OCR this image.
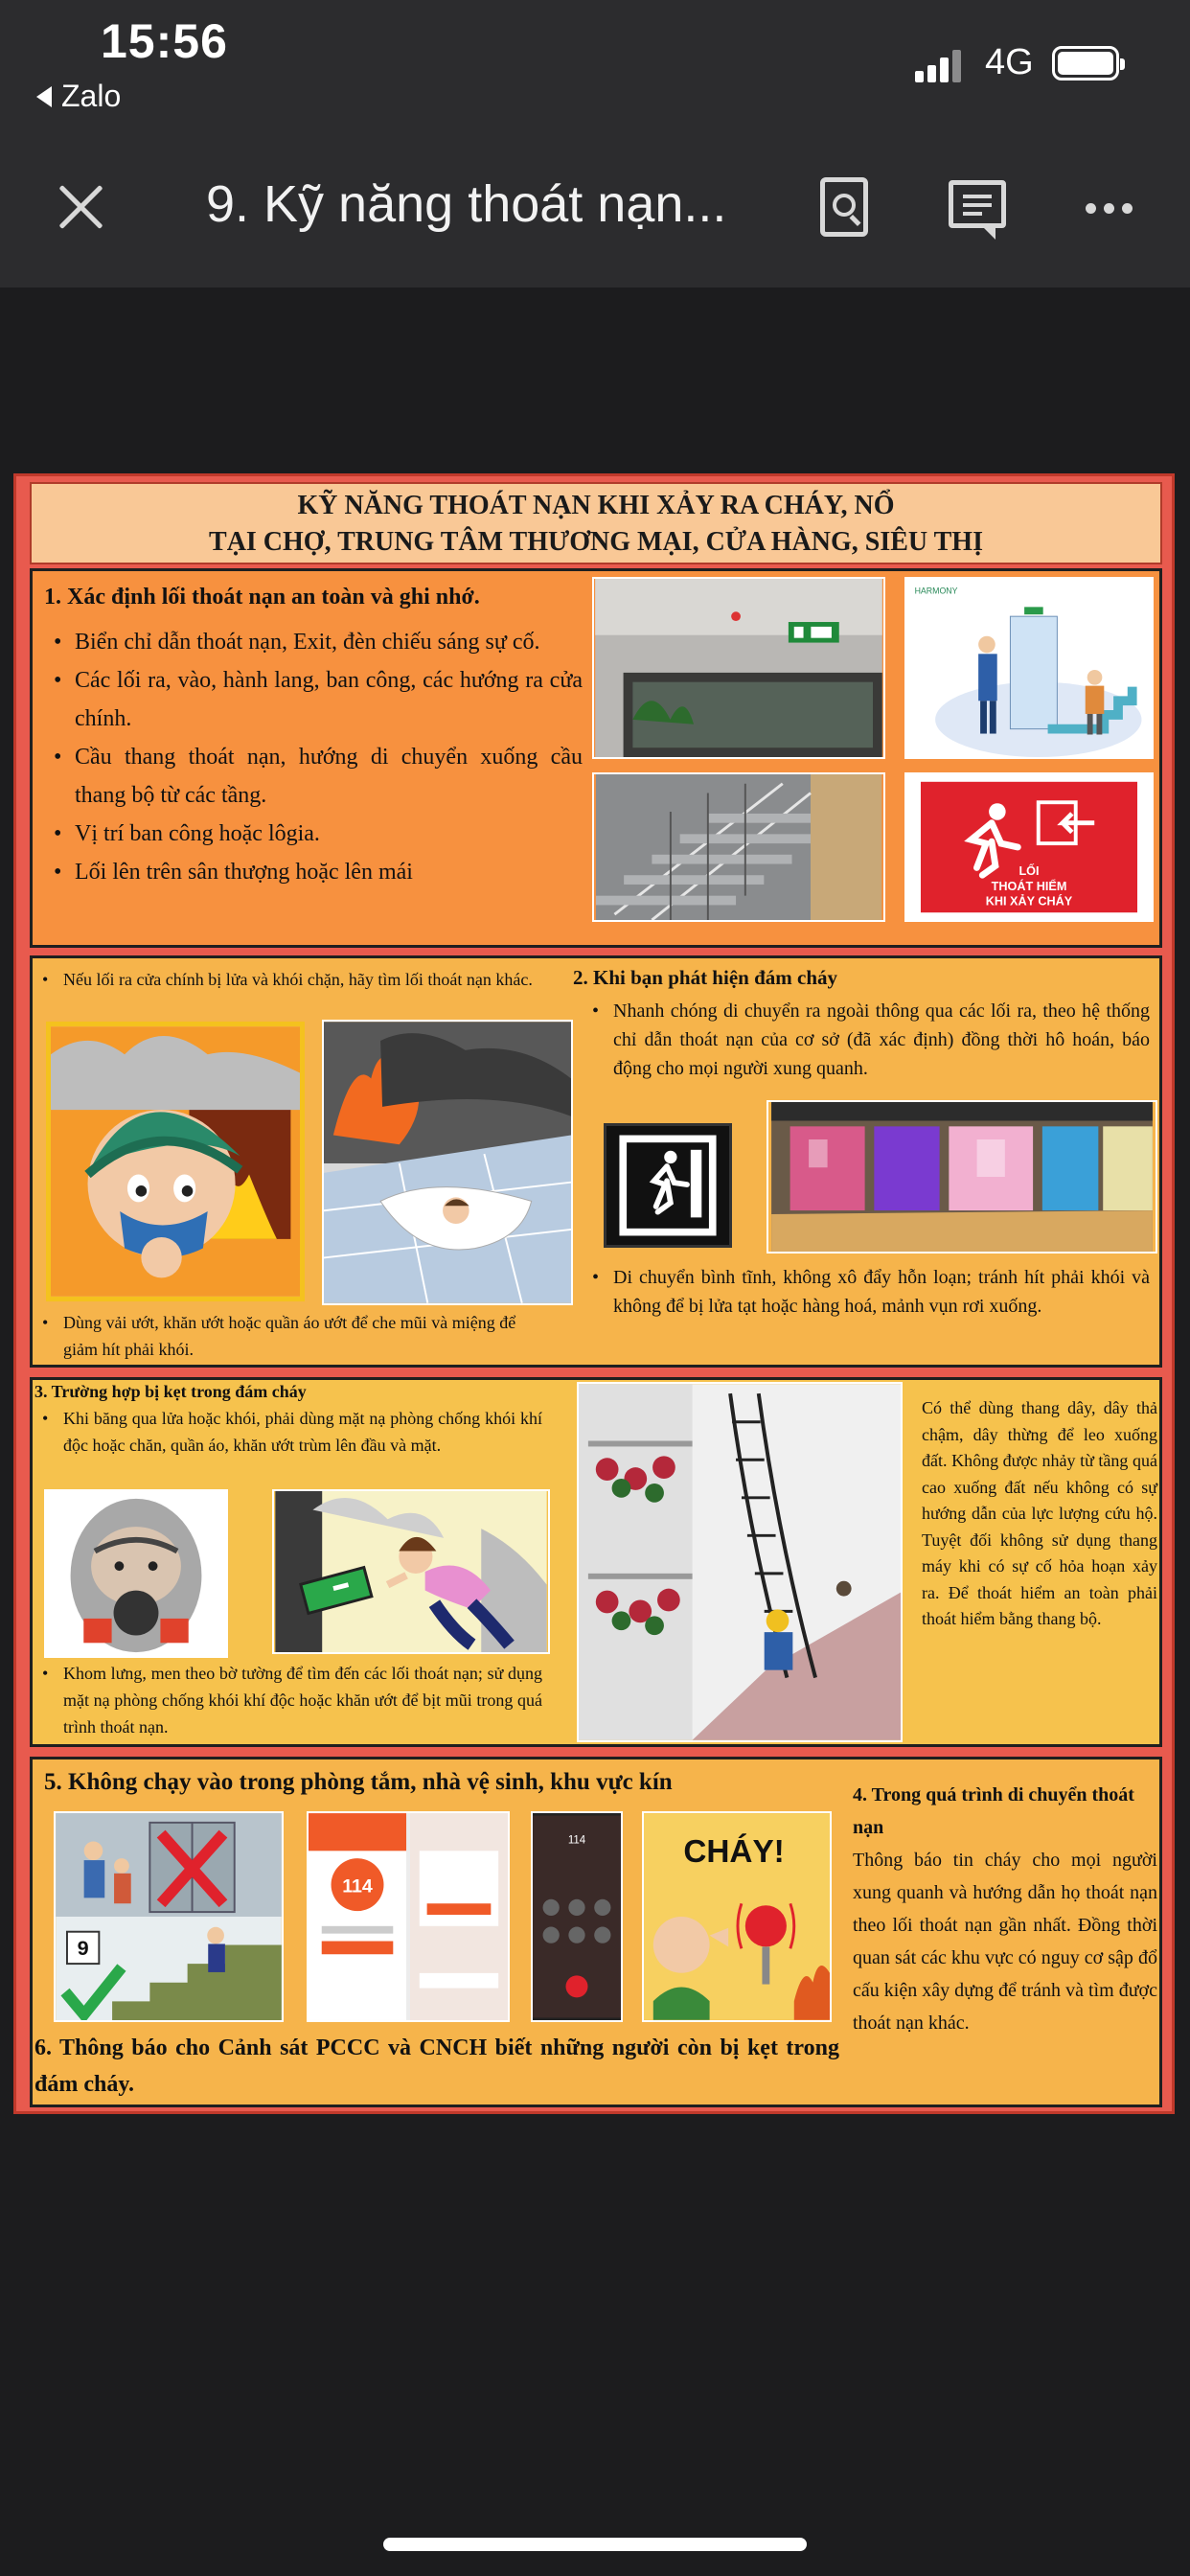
15:56
Zalo
4G
9. Kỹ năng thoát nạn...
KỸ NĂNG THOÁT NẠN KHI XẢY RA CHÁY, NỔ
TẠI CHỢ, TRUNG TÂM THƯƠNG MẠI, CỬA HÀNG, SIÊU THỊ
1. Xác định lối thoát nạn an toàn và ghi nhớ.
• Biển chỉ dẫn thoát nạn, Exit, đèn chiếu sáng sự cố.
• Các lối ra, vào, hành lang, ban công, các hướng ra cửa chính.
• Cầu thang thoát nạn, hướng di chuyển xuống cầu thang bộ từ các tầng.
• Vị trí ban công hoặc lôgia.
• Lối lên trên sân thượng hoặc lên mái
HARMONY
LỐI
THOÁT HIỂM
KHI XẢY CHÁY
• Nếu lối ra cửa chính bị lửa và khói chặn, hãy tìm lối thoát nạn khác.
• Dùng vải ướt, khăn ướt hoặc quần áo ướt để che mũi và miệng để giảm hít phải khói.
2. Khi bạn phát hiện đám cháy
• Nhanh chóng di chuyển ra ngoài thông qua các lối ra, theo hệ thống chỉ dẫn thoát nạn của cơ sở (đã xác định) đồng thời hô hoán, báo động cho mọi người xung quanh.
• Di chuyển bình tĩnh, không xô đẩy hỗn loạn; tránh hít phải khói và không để bị lửa tạt hoặc hàng hoá, mảnh vụn rơi xuống.
3. Trường hợp bị kẹt trong đám cháy
• Khi băng qua lửa hoặc khói, phải dùng mặt nạ phòng chống khói khí độc hoặc chăn, quần áo, khăn ướt trùm lên đầu và mặt.
• Khom lưng, men theo bờ tường để tìm đến các lối thoát nạn; sử dụng mặt nạ phòng chống khói khí độc hoặc khăn ướt để bịt mũi trong quá trình thoát nạn.
Có thể dùng thang dây, dây thả chậm, dây thừng để leo xuống đất. Không được nhảy từ tầng quá cao xuống đất nếu không có sự hướng dẫn của lực lượng cứu hộ. Tuyệt đối không sử dụng thang máy khi có sự cố hỏa hoạn xảy ra. Để thoát hiểm an toàn phải thoát hiểm bằng thang bộ.
5. Không chạy vào trong phòng tắm, nhà vệ sinh, khu vực kín
9
114
114	CHÁY!
6. Thông báo cho Cảnh sát PCCC và CNCH biết những người còn bị kẹt trong đám cháy.
4. Trong quá trình di chuyển thoát nạn
Thông báo tin cháy cho mọi người xung quanh và hướng dẫn họ thoát nạn theo lối thoát nạn gần nhất. Đồng thời quan sát các khu vực có nguy cơ sập đổ cấu kiện xây dựng để tránh và tìm được thoát nạn khác.
